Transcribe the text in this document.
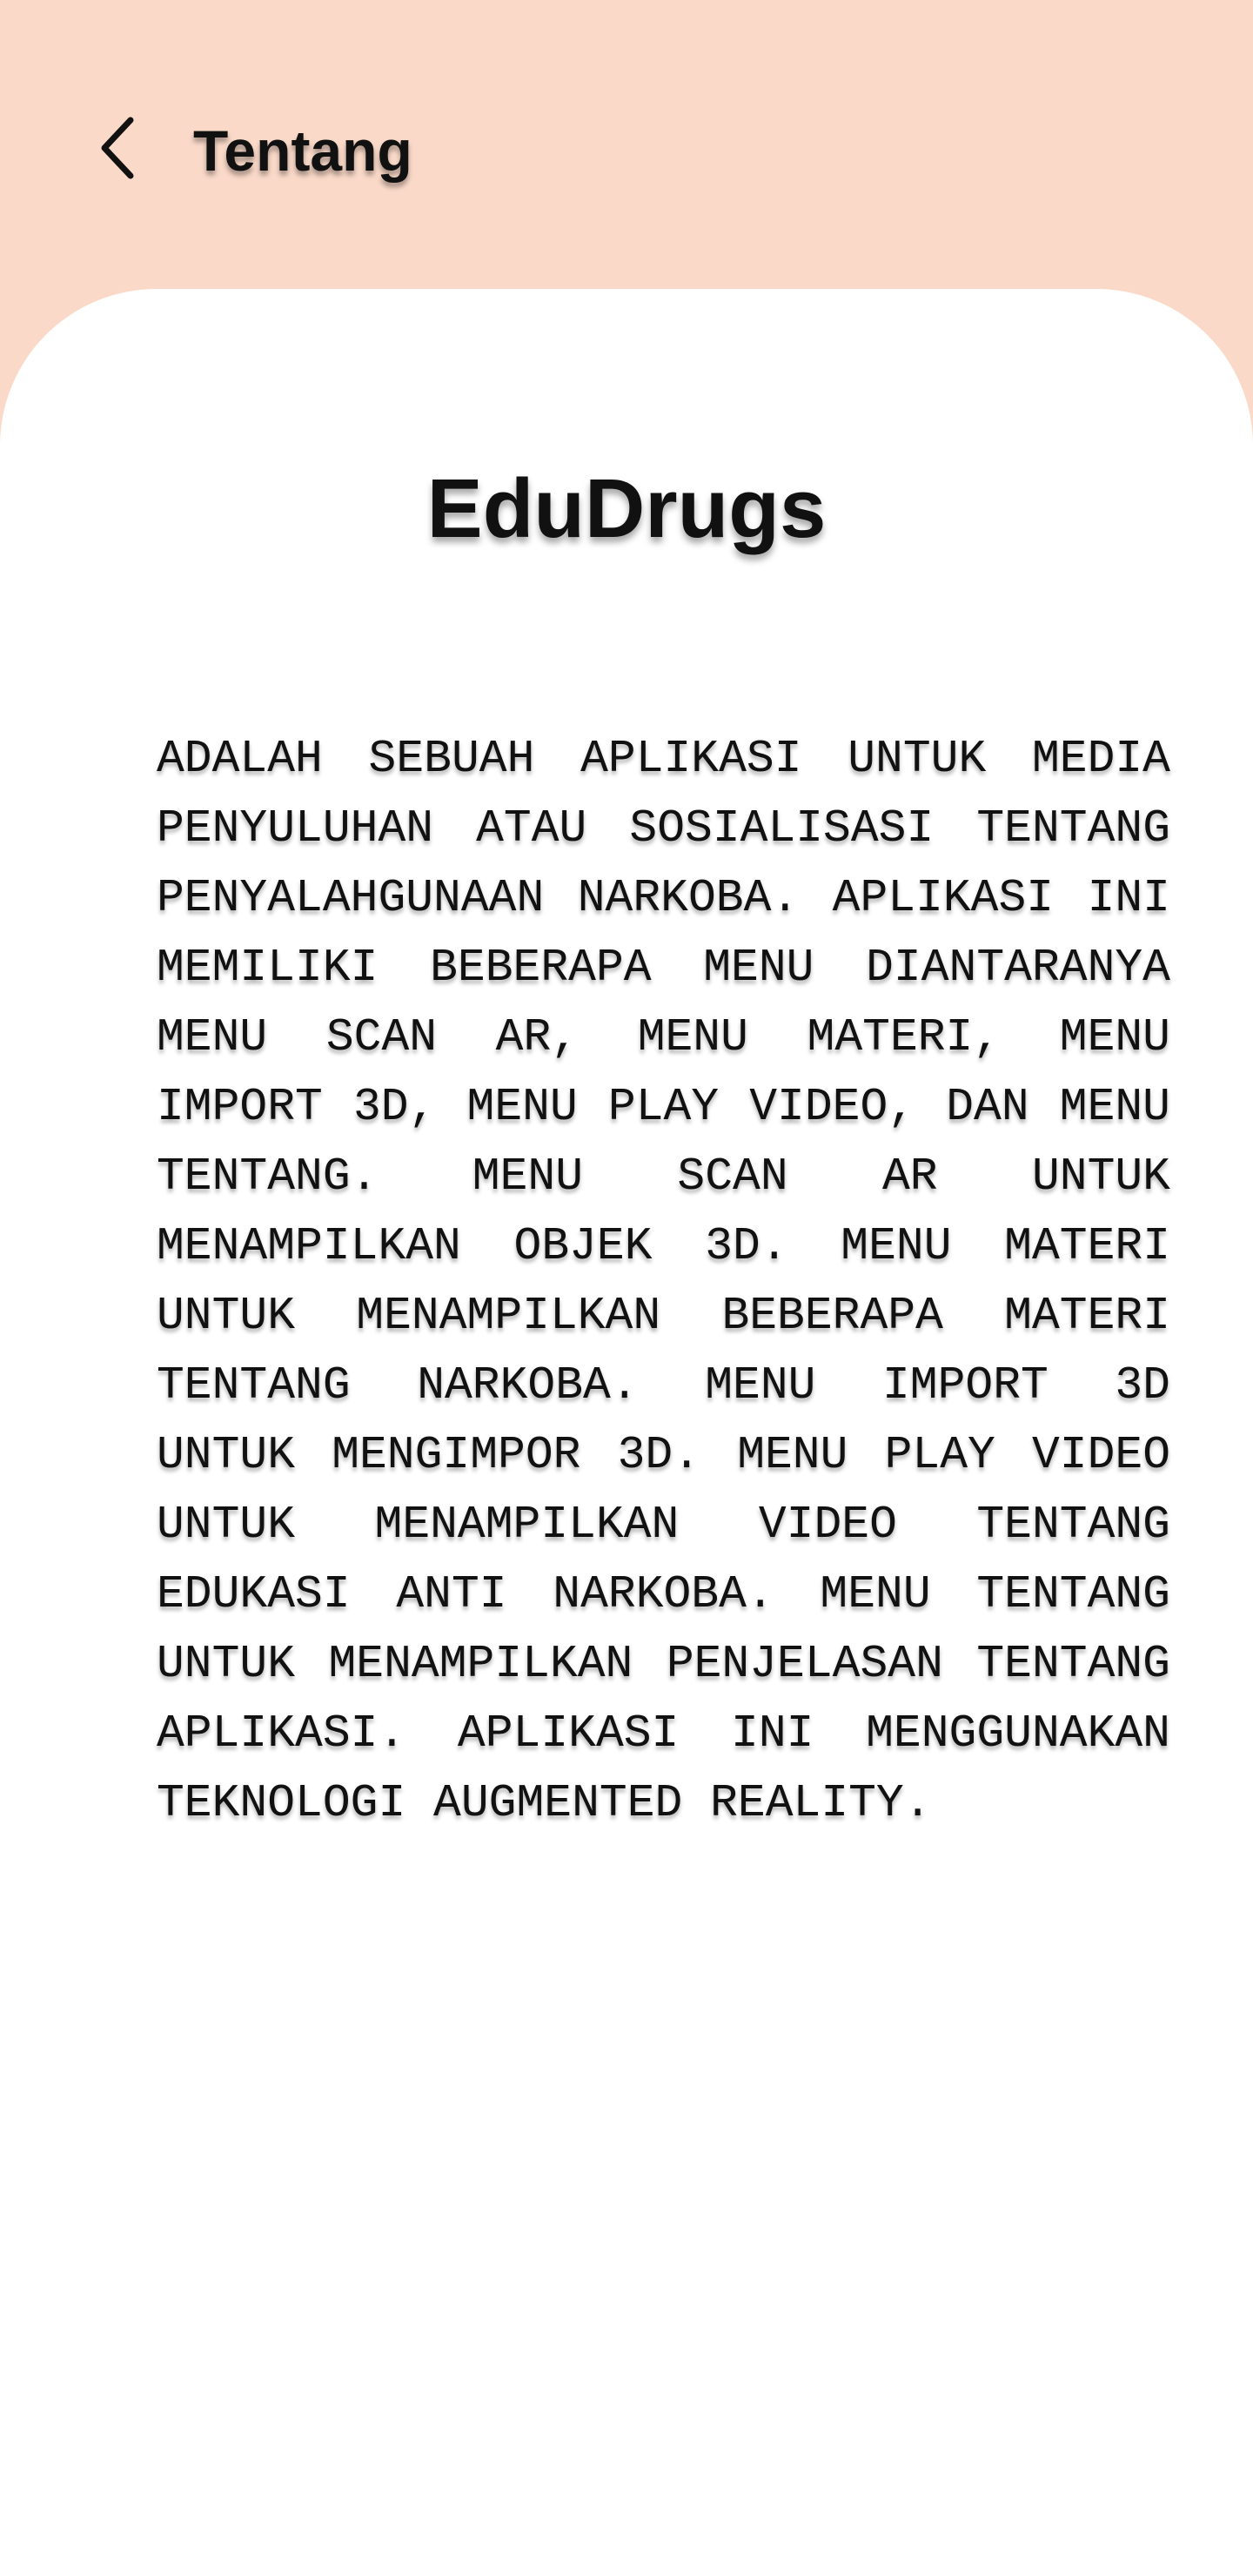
Tentang
EduDrugs

ADALAH SEBUAH APLIKASI UNTUK MEDIA PENYULUHAN ATAU SOSIALISASI TENTANG PENYALAHGUNAAN NARKOBA. APLIKASI INI MEMILIKI BEBERAPA MENU DIANTARANYA MENU SCAN AR, MENU MATERI, MENU IMPORT 3D, MENU PLAY VIDEO, DAN MENU TENTANG. MENU SCAN AR UNTUK MENAMPILKAN OBJEK 3D. MENU MATERI UNTUK MENAMPILKAN BEBERAPA MATERI TENTANG NARKOBA. MENU IMPORT 3D UNTUK MENGIMPOR 3D. MENU PLAY VIDEO UNTUK MENAMPILKAN VIDEO TENTANG EDUKASI ANTI NARKOBA. MENU TENTANG UNTUK MENAMPILKAN PENJELASAN TENTANG APLIKASI. APLIKASI INI MENGGUNAKAN TEKNOLOGI AUGMENTED REALITY.
